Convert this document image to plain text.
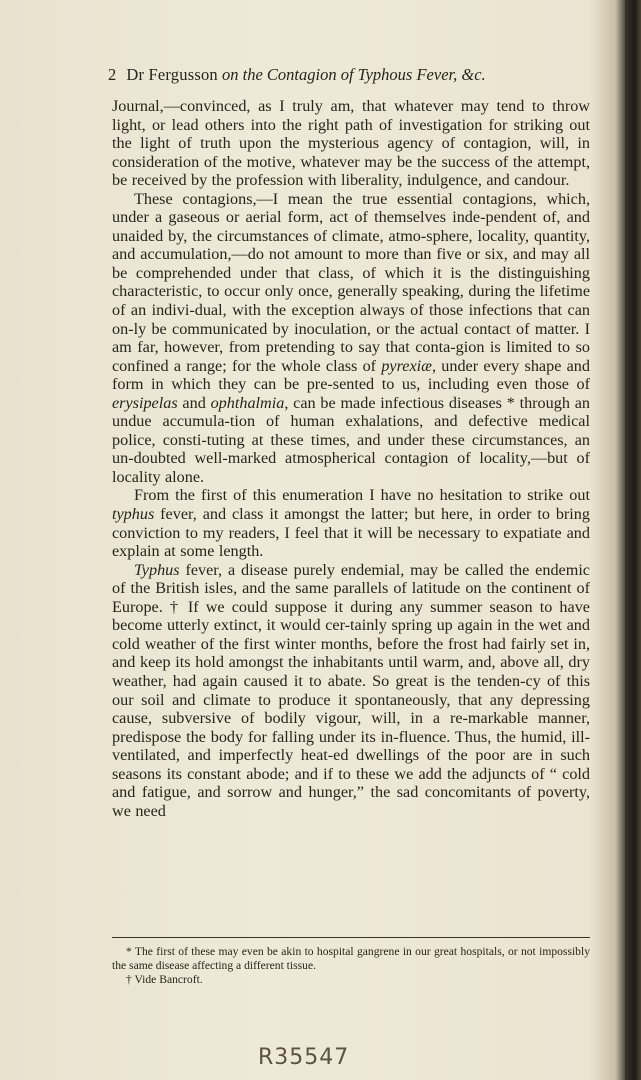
2 Dr Fergusson on the Contagion of Typhous Fever, &c.

Journal,—convinced, as I truly am, that whatever may tend to throw light, or lead others into the right path of investigation for striking out the light of truth upon the mysterious agency of contagion, will, in consideration of the motive, whatever may be the success of the attempt, be received by the profession with liberality, indulgence, and candour.

These contagions,—I mean the true essential contagions, which, under a gaseous or aerial form, act of themselves inde-pendent of, and unaided by, the circumstances of climate, atmo-sphere, locality, quantity, and accumulation,—do not amount to more than five or six, and may all be comprehended under that class, of which it is the distinguishing characteristic, to occur only once, generally speaking, during the lifetime of an indivi-dual, with the exception always of those infections that can on-ly be communicated by inoculation, or the actual contact of matter. I am far, however, from pretending to say that conta-gion is limited to so confined a range; for the whole class of pyrexiæ, under every shape and form in which they can be pre-sented to us, including even those of erysipelas and ophthalmia, can be made infectious diseases * through an undue accumula-tion of human exhalations, and defective medical police, consti-tuting at these times, and under these circumstances, an un-doubted well-marked atmospherical contagion of locality,—but of locality alone.

From the first of this enumeration I have no hesitation to strike out typhus fever, and class it amongst the latter; but here, in order to bring conviction to my readers, I feel that it will be necessary to expatiate and explain at some length.

Typhus fever, a disease purely endemial, may be called the endemic of the British isles, and the same parallels of latitude on the continent of Europe. † If we could suppose it during any summer season to have become utterly extinct, it would cer-tainly spring up again in the wet and cold weather of the first winter months, before the frost had fairly set in, and keep its hold amongst the inhabitants until warm, and, above all, dry weather, had again caused it to abate. So great is the tenden-cy of this our soil and climate to produce it spontaneously, that any depressing cause, subversive of bodily vigour, will, in a re-markable manner, predispose the body for falling under its in-fluence. Thus, the humid, ill-ventilated, and imperfectly heat-ed dwellings of the poor are in such seasons its constant abode; and if to these we add the adjuncts of “ cold and fatigue, and sorrow and hunger,” the sad concomitants of poverty, we need

* The first of these may even be akin to hospital gangrene in our great hospitals, or not impossibly the same disease affecting a different tissue.

† Vide Bancroft.

R35547
